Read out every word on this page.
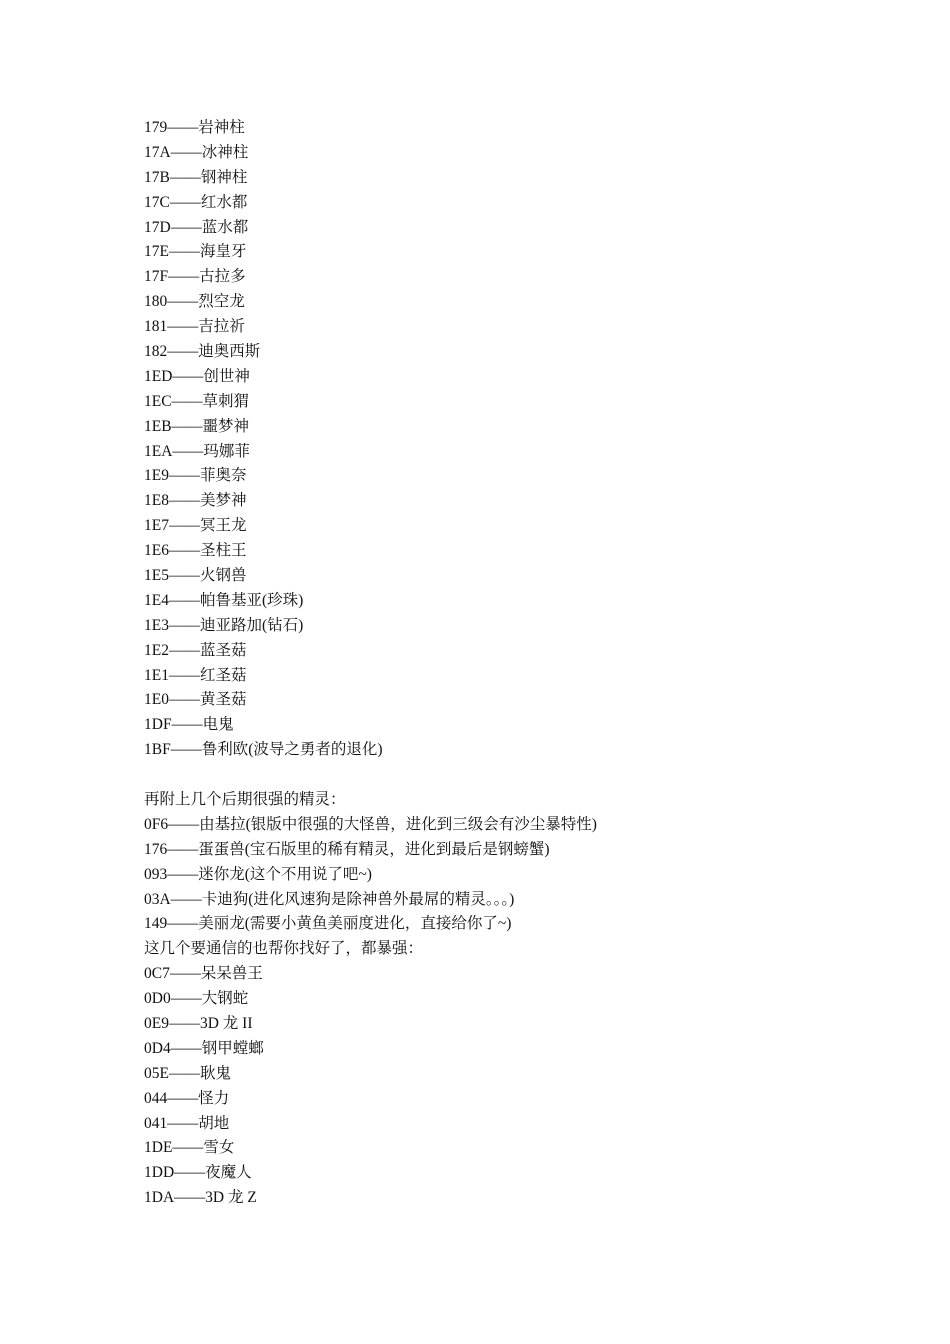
179——岩神柱
17A——冰神柱
17B——钢神柱
17C——红水都
17D——蓝水都
17E——海皇牙
17F——古拉多
180——烈空龙
181——吉拉祈
182——迪奥西斯
1ED——创世神
1EC——草刺猬
1EB——噩梦神
1EA——玛娜菲
1E9——菲奥奈
1E8——美梦神
1E7——冥王龙
1E6——圣柱王
1E5——火钢兽
1E4——帕鲁基亚(珍珠)
1E3——迪亚路加(钻石)
1E2——蓝圣菇
1E1——红圣菇
1E0——黄圣菇
1DF——电鬼
1BF——鲁利欧(波导之勇者的退化)
再附上几个后期很强的精灵：
0F6——由基拉(银版中很强的大怪兽，进化到三级会有沙尘暴特性)
176——蛋蛋兽(宝石版里的稀有精灵，进化到最后是钢螃蟹)
093——迷你龙(这个不用说了吧~)
03A——卡迪狗(进化风速狗是除神兽外最屌的精灵。。。)
149——美丽龙(需要小黄鱼美丽度进化，直接给你了~)
这几个要通信的也帮你找好了，都暴强：
0C7——呆呆兽王
0D0——大钢蛇
0E9——3D 龙 II
0D4——钢甲螳螂
05E——耿鬼
044——怪力
041——胡地
1DE——雪女
1DD——夜魔人
1DA——3D 龙 Z
